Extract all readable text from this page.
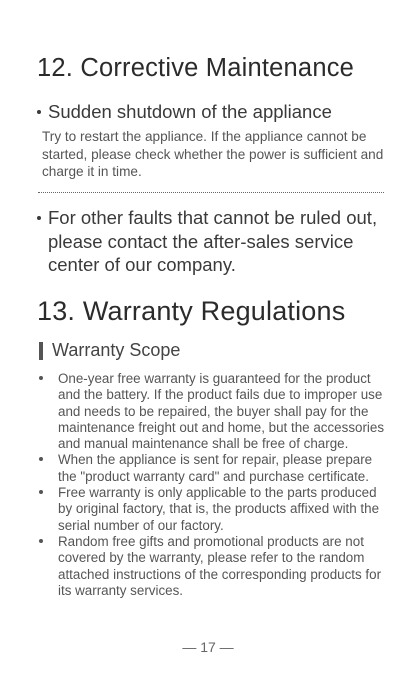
12. Corrective Maintenance
Sudden shutdown of the appliance
Try to restart the appliance. If the appliance cannot be started, please check whether the power is sufficient and charge it in time.
For other faults that cannot be ruled out, please contact the after-sales service center of our company.
13. Warranty Regulations
Warranty Scope
One-year free warranty is guaranteed for the product and the battery. If the product fails due to improper use and needs to be repaired, the buyer shall pay for the maintenance freight out and home, but the accessories and manual maintenance shall be free of charge.
When the appliance is sent for repair, please prepare the "product warranty card" and purchase certificate.
Free warranty is only applicable to the parts produced by original factory, that is, the products affixed with the serial number of our factory.
Random free gifts and promotional products are not covered by the warranty, please refer to the random attached instructions of the corresponding products for its warranty services.
— 17 —
